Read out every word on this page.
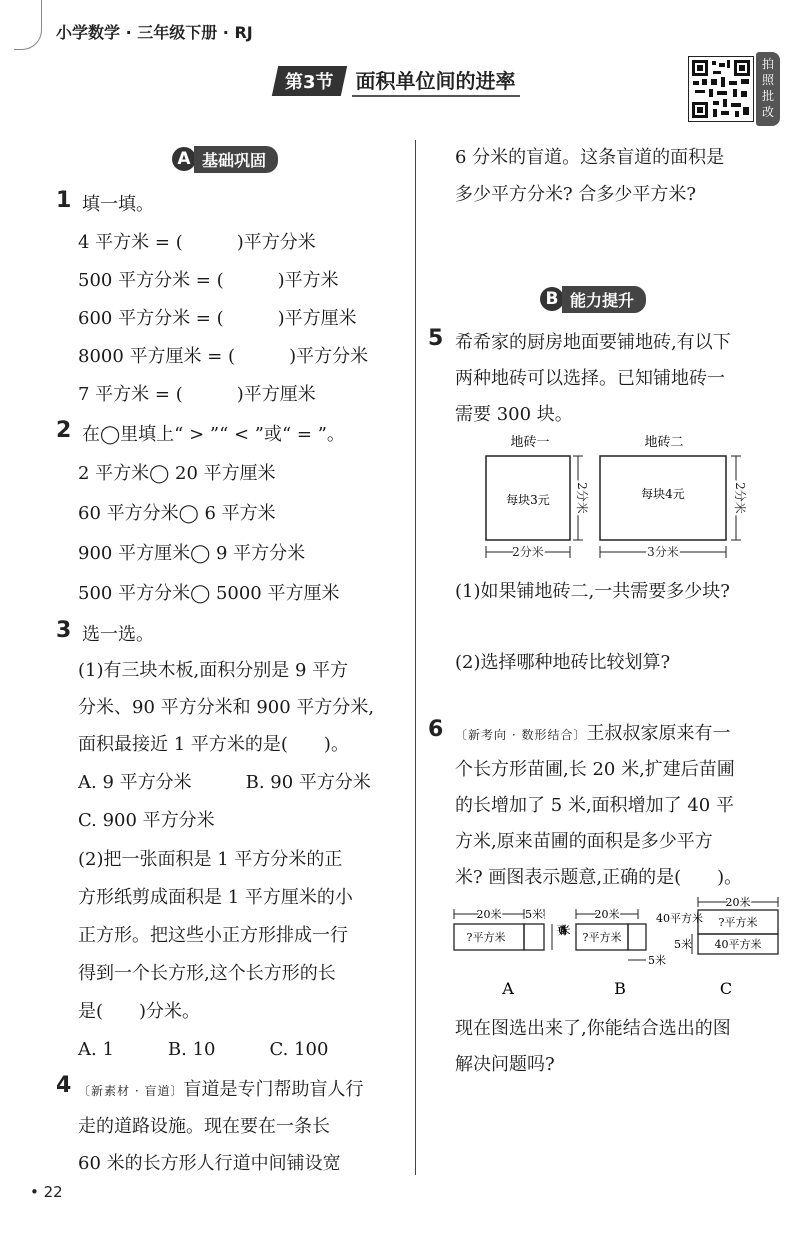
小学数学 · 三年级下册 · RJ
第3节	面积单位间的进率
拍
照
批
改
A 基础巩固
1 填一填。
4 平方米 = (　　　)平方分米
500 平方分米 = (　　　)平方米
600 平方分米 = (　　　)平方厘米
8000 平方厘米 = (　　　)平方分米
7 平方米 = (　　　)平方厘米
2 在◯里填上“ > ”“ < ”或“ = ”。
2 平方米◯ 20 平方厘米
60 平方分米◯ 6 平方米
900 平方厘米◯ 9 平方分米
500 平方分米◯ 5000 平方厘米
3 选一选。
(1)有三块木板,面积分别是 9 平方
分米、90 平方分米和 900 平方分米,
面积最接近 1 平方米的是(　　)。
A. 9 平方分米　　　B. 90 平方分米
C. 900 平方分米
(2)把一张面积是 1 平方分米的正
方形纸剪成面积是 1 平方厘米的小
正方形。把这些小正方形排成一行
得到一个长方形,这个长方形的长
是(　　)分米。
A. 1　　　B. 10　　　C. 100
4 〔新素材 · 盲道〕盲道是专门帮助盲人行
走的道路设施。现在要在一条长
60 米的长方形人行道中间铺设宽
6 分米的盲道。这条盲道的面积是
多少平方分米? 合多少平方米?
B 能力提升
5 希希家的厨房地面要铺地砖,有以下
两种地砖可以选择。已知铺地砖一
需要 300 块。
地砖一	地砖二
每块3元	每块4元
2分米
2分米
3分米
2分米
(1)如果铺地砖二,一共需要多少块?
(2)选择哪种地砖比较划算?
6 〔新考向 · 数形结合〕王叔叔家原来有一
个长方形苗圃,长 20 米,扩建后苗圃
的长增加了 5 米,面积增加了 40 平
方米,原来苗圃的面积是多少平方
米? 画图表示题意,正确的是(　　)。
20米 5米
?平方米
40平方米
A
20米
?平方米
5米
40平方米
B
20米
?平方米
40平方米
5米
C
现在图选出来了,你能结合选出的图
解决问题吗?
• 22
